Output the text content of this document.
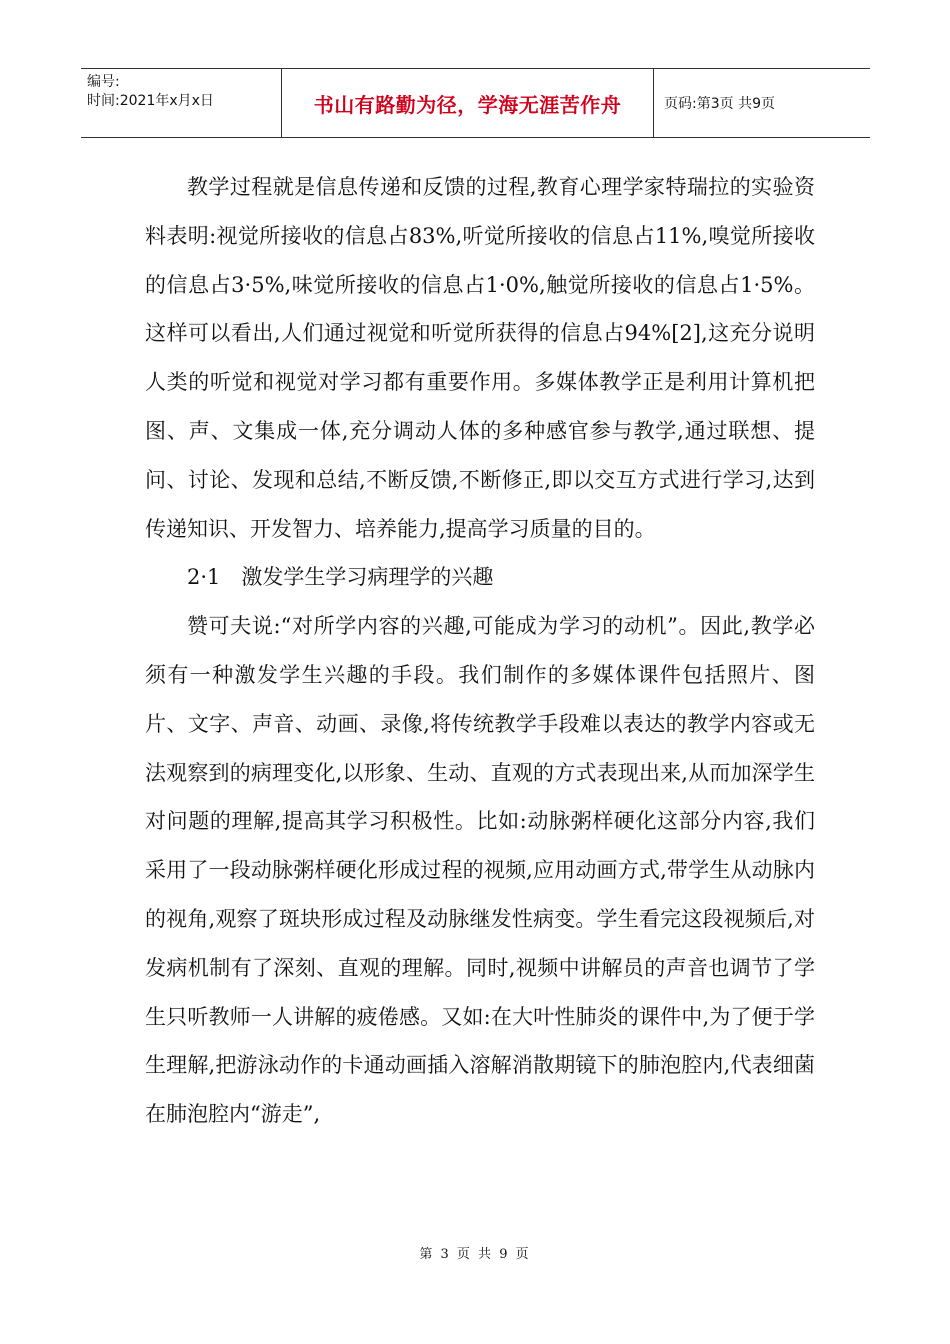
编号:
时间:2021年x月x日	书山有路勤为径，学海无涯苦作舟	页码:第3页 共9页

教学过程就是信息传递和反馈的过程,教育心理学家特瑞拉的实验资料表明:视觉所接收的信息占83%,听觉所接收的信息占11%,嗅觉所接收的信息占3·5%,味觉所接收的信息占1·0%,触觉所接收的信息占1·5%。这样可以看出,人们通过视觉和听觉所获得的信息占94%[2],这充分说明人类的听觉和视觉对学习都有重要作用。多媒体教学正是利用计算机把图、声、文集成一体,充分调动人体的多种感官参与教学,通过联想、提问、讨论、发现和总结,不断反馈,不断修正,即以交互方式进行学习,达到传递知识、开发智力、培养能力,提高学习质量的目的。

2·1　激发学生学习病理学的兴趣

赞可夫说:“对所学内容的兴趣,可能成为学习的动机”。因此,教学必须有一种激发学生兴趣的手段。我们制作的多媒体课件包括照片、图片、文字、声音、动画、录像,将传统教学手段难以表达的教学内容或无法观察到的病理变化,以形象、生动、直观的方式表现出来,从而加深学生对问题的理解,提高其学习积极性。比如:动脉粥样硬化这部分内容,我们采用了一段动脉粥样硬化形成过程的视频,应用动画方式,带学生从动脉内的视角,观察了斑块形成过程及动脉继发性病变。学生看完这段视频后,对发病机制有了深刻、直观的理解。同时,视频中讲解员的声音也调节了学生只听教师一人讲解的疲倦感。又如:在大叶性肺炎的课件中,为了便于学生理解,把游泳动作的卡通动画插入溶解消散期镜下的肺泡腔内,代表细菌在肺泡腔内“游走”,

第 3 页 共 9 页
